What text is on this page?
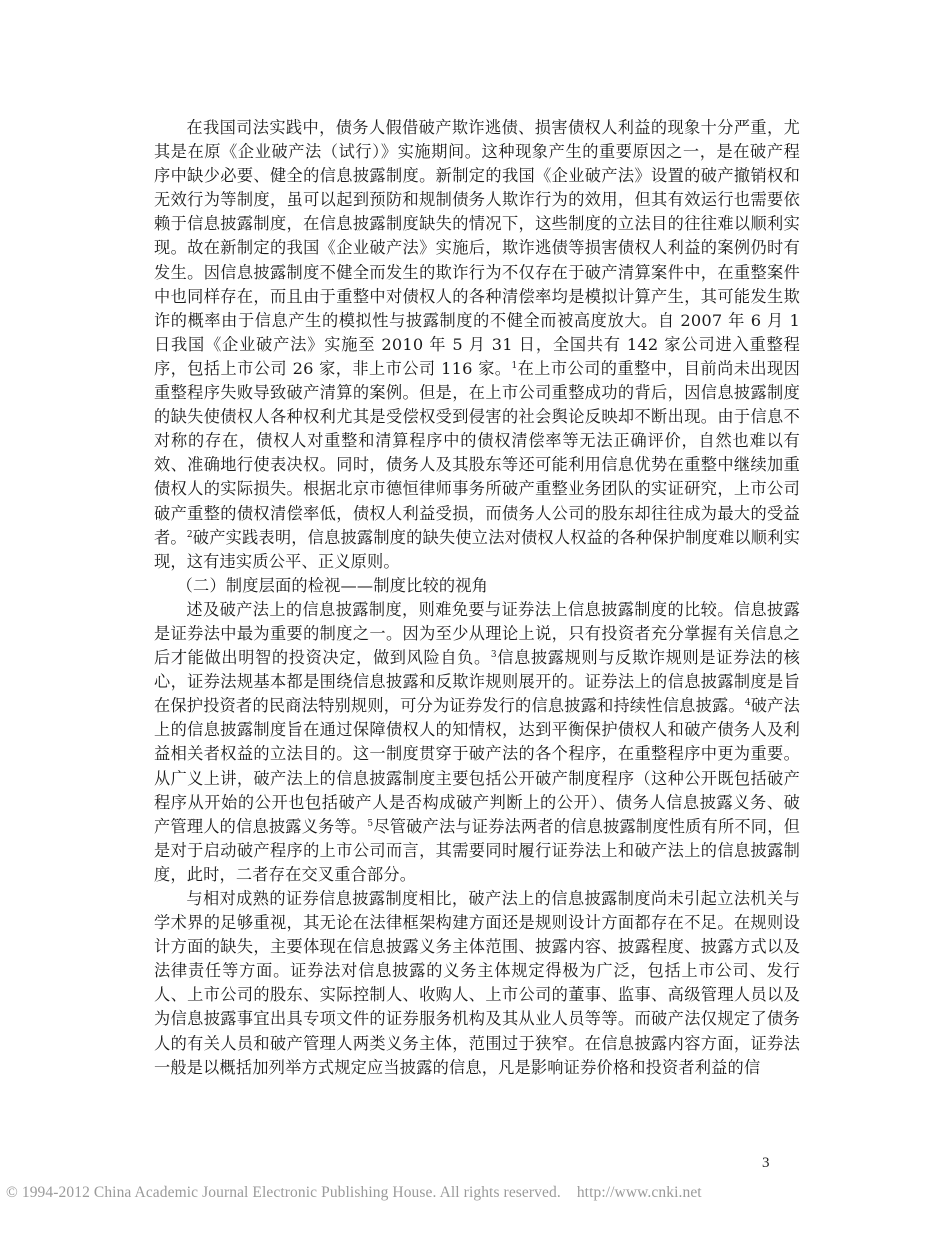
在我国司法实践中，债务人假借破产欺诈逃债、损害债权人利益的现象十分严重，尤其是在原《企业破产法（试行）》实施期间。这种现象产生的重要原因之一，是在破产程序中缺少必要、健全的信息披露制度。新制定的我国《企业破产法》设置的破产撤销权和无效行为等制度，虽可以起到预防和规制债务人欺诈行为的效用，但其有效运行也需要依赖于信息披露制度，在信息披露制度缺失的情况下，这些制度的立法目的往往难以顺利实现。故在新制定的我国《企业破产法》实施后，欺诈逃债等损害债权人利益的案例仍时有发生。因信息披露制度不健全而发生的欺诈行为不仅存在于破产清算案件中，在重整案件中也同样存在，而且由于重整中对债权人的各种清偿率均是模拟计算产生，其可能发生欺诈的概率由于信息产生的模拟性与披露制度的不健全而被高度放大。自 2007 年 6 月 1 日我国《企业破产法》实施至 2010 年 5 月 31 日，全国共有 142 家公司进入重整程序，包括上市公司 26 家，非上市公司 116 家。$^1$在上市公司的重整中，目前尚未出现因重整程序失败导致破产清算的案例。但是，在上市公司重整成功的背后，因信息披露制度的缺失使债权人各种权利尤其是受偿权受到侵害的社会舆论反映却不断出现。由于信息不对称的存在，债权人对重整和清算程序中的债权清偿率等无法正确评价，自然也难以有效、准确地行使表决权。同时，债务人及其股东等还可能利用信息优势在重整中继续加重债权人的实际损失。根据北京市德恒律师事务所破产重整业务团队的实证研究，上市公司破产重整的债权清偿率低，债权人利益受损，而债务人公司的股东却往往成为最大的受益者。$^2$破产实践表明，信息披露制度的缺失使立法对债权人权益的各种保护制度难以顺利实现，这有违实质公平、正义原则。

（二）制度层面的检视——制度比较的视角

述及破产法上的信息披露制度，则难免要与证券法上信息披露制度的比较。信息披露是证券法中最为重要的制度之一。因为至少从理论上说，只有投资者充分掌握有关信息之后才能做出明智的投资决定，做到风险自负。$^3$信息披露规则与反欺诈规则是证券法的核心，证券法规基本都是围绕信息披露和反欺诈规则展开的。证券法上的信息披露制度是旨在保护投资者的民商法特别规则，可分为证券发行的信息披露和持续性信息披露。$^4$破产法上的信息披露制度旨在通过保障债权人的知情权，达到平衡保护债权人和破产债务人及利益相关者权益的立法目的。这一制度贯穿于破产法的各个程序，在重整程序中更为重要。从广义上讲，破产法上的信息披露制度主要包括公开破产制度程序（这种公开既包括破产程序从开始的公开也包括破产人是否构成破产判断上的公开）、债务人信息披露义务、破产管理人的信息披露义务等。$^5$尽管破产法与证券法两者的信息披露制度性质有所不同，但是对于启动破产程序的上市公司而言，其需要同时履行证券法上和破产法上的信息披露制度，此时，二者存在交叉重合部分。

与相对成熟的证券信息披露制度相比，破产法上的信息披露制度尚未引起立法机关与学术界的足够重视，其无论在法律框架构建方面还是规则设计方面都存在不足。在规则设计方面的缺失，主要体现在信息披露义务主体范围、披露内容、披露程度、披露方式以及法律责任等方面。证券法对信息披露的义务主体规定得极为广泛，包括上市公司、发行人、上市公司的股东、实际控制人、收购人、上市公司的董事、监事、高级管理人员以及为信息披露事宜出具专项文件的证券服务机构及其从业人员等等。而破产法仅规定了债务人的有关人员和破产管理人两类义务主体，范围过于狭窄。在信息披露内容方面，证券法一般是以概括加列举方式规定应当披露的信息，凡是影响证券价格和投资者利益的信

3
© 1994-2012 China Academic Journal Electronic Publishing House. All rights reserved. http://www.cnki.net
